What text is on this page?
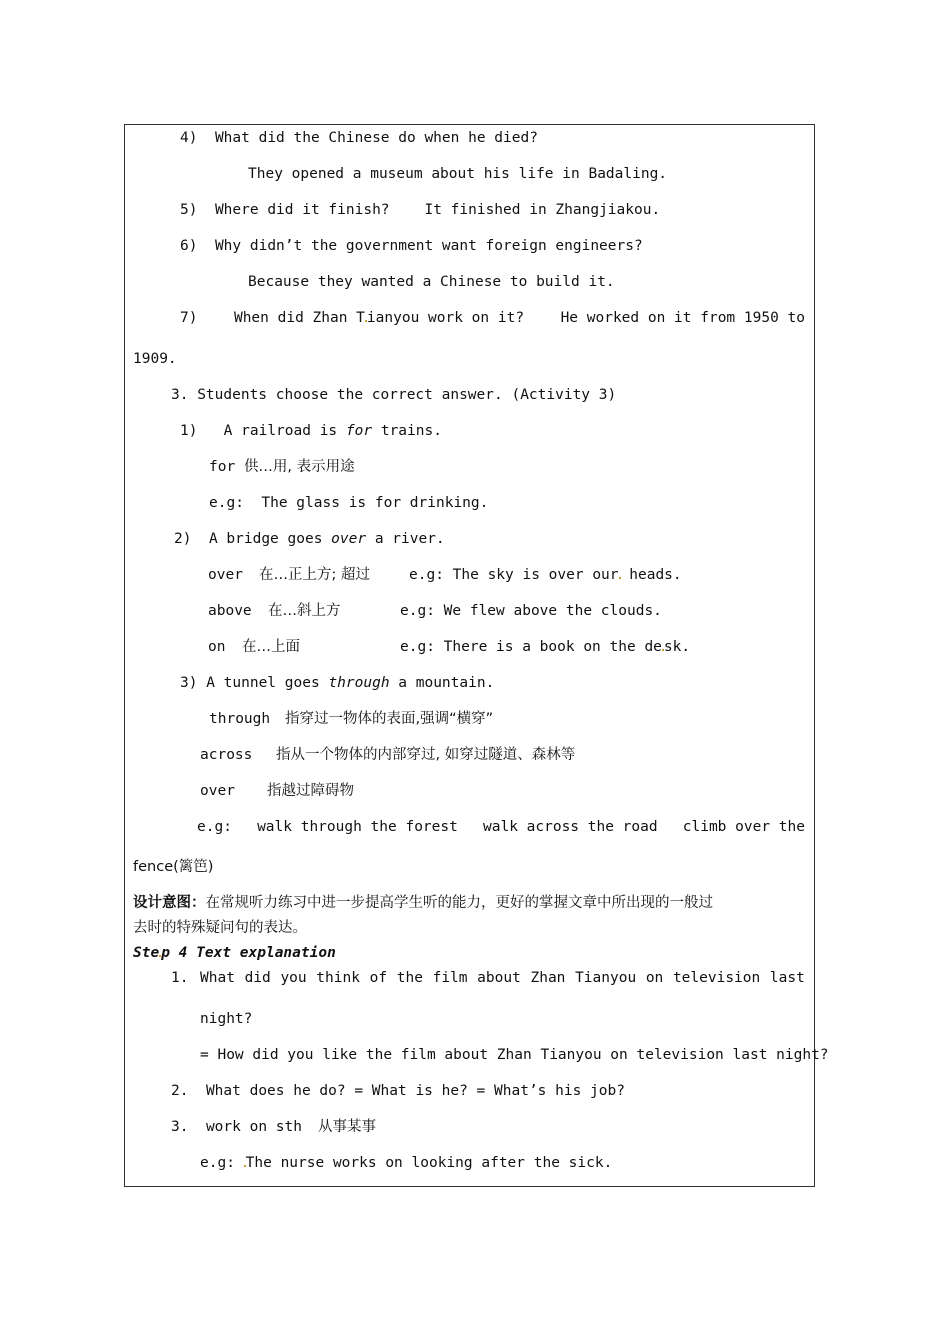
4) What did the Chinese do when he died?
They opened a museum about his life in Badaling.
5) Where did it finish? It finished in Zhangjiakou.
6) Why didn’t the government want foreign engineers?
Because they wanted a Chinese to build it.
7)	When did Zhan T ianyou work on it?	He worked on it from 1950 to
1909.
3. Students choose the correct answer. (Activity 3)
1) A railroad is for trains.
for 供…用, 表示用途
e.g: The glass is for drinking.
2) A bridge goes over a river.
over 在…正上方; 超过	e.g: The sky is over our heads.
above 在…斜上方	e.g: We flew above the clouds.
on 在…上面	e.g: There is a book on the de sk.
3) A tunnel goes through a mountain.
through 指穿过一物体的表面,强调“横穿”
across 指从一个物体的内部穿过, 如穿过隧道、森林等
over 指越过障碍物
e.g: walk through the forest walk across the road climb over the
fence(篱笆)
设计意图：在常规听力练习中进一步提高学生听的能力，更好的掌握文章中所出现的一般过
去时的特殊疑问句的表达。
Ste p 4 Text explanation
1. What did you think of the film about Zhan Tianyou on television last
night?
= How did you like the film about Zhan Tianyou on television last night?
2. What does he do? = What is he? = What’s his job?
3. work on sth 从事某事
e.g: The nurse works on looking after the sick.
